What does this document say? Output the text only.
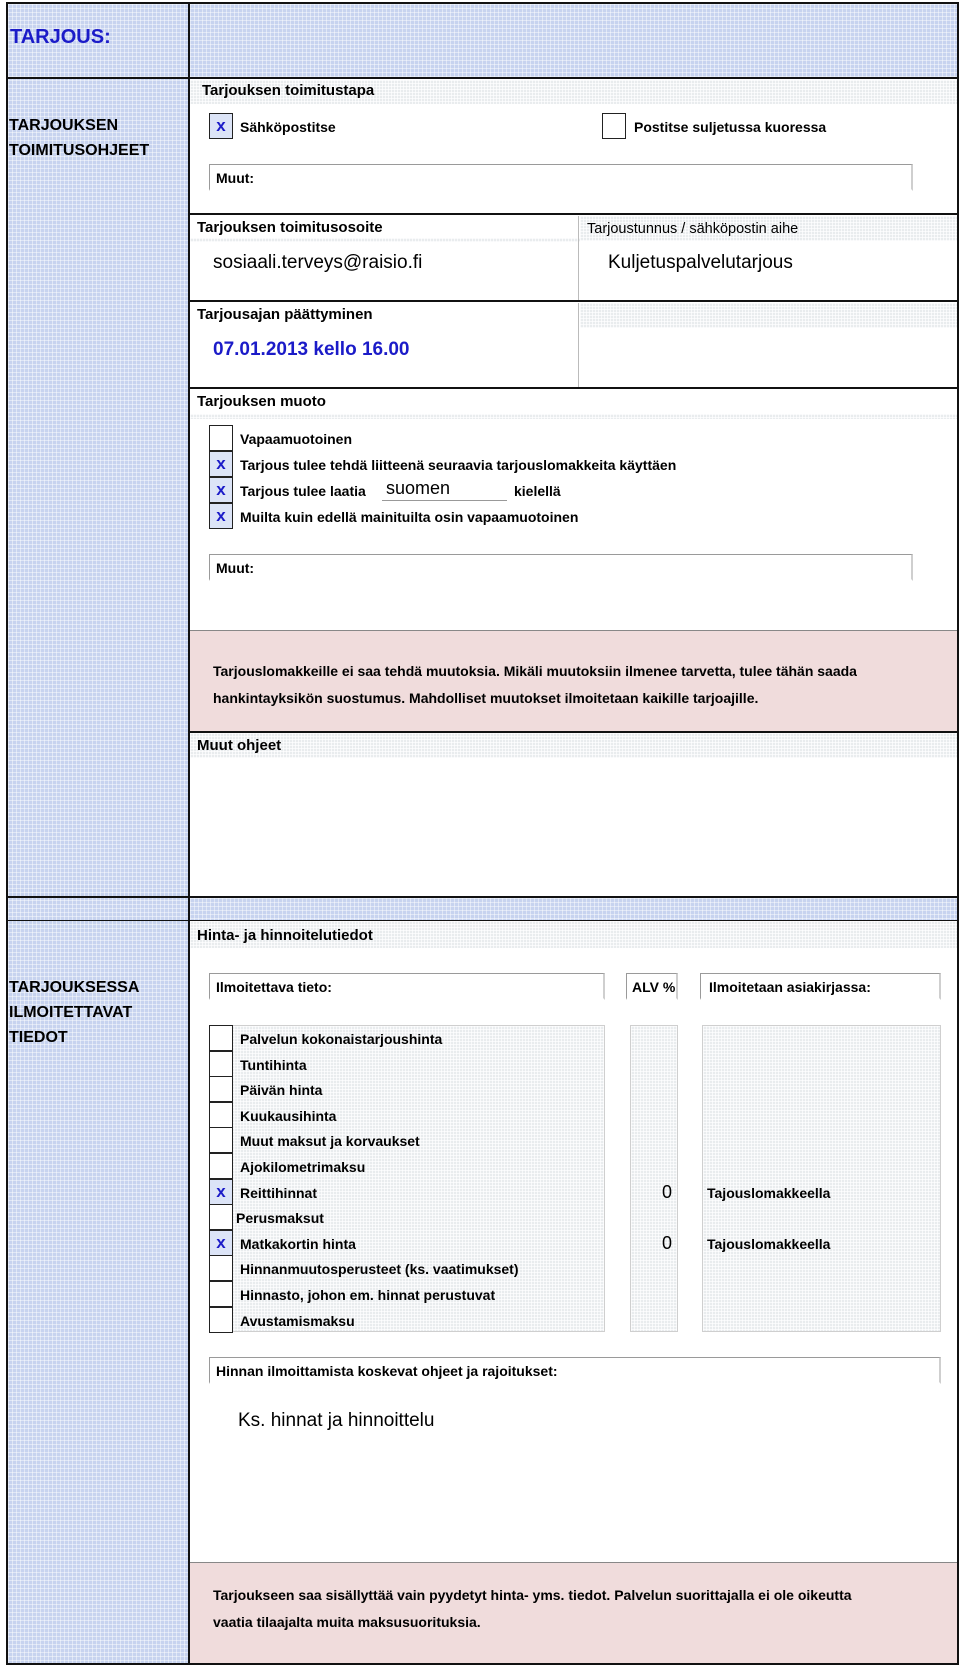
TARJOUS:
TARJOUKSEN
TOIMITUSOHJEET
Tarjouksen toimitustapa
x	Sähköpostitse	Postitse suljetussa kuoressa
Muut:
Tarjouksen toimitusosoite	Tarjoustunnus / sähköpostin aihe
sosiaali.terveys@raisio.fi	Kuljetuspalvelutarjous
Tarjousajan päättyminen
07.01.2013 kello 16.00
Tarjouksen muoto
Vapaamuotoinen
x	Tarjous tulee tehdä liitteenä seuraavia tarjouslomakkeita käyttäen
x	Tarjous tulee laatia suomen	kielellä
x	Muilta kuin edellä mainituilta osin vapaamuotoinen
Muut:
Tarjouslomakkeille ei saa tehdä muutoksia. Mikäli muutoksiin ilmenee tarvetta, tulee tähän saada
hankintayksikön suostumus. Mahdolliset muutokset ilmoitetaan kaikille tarjoajille.
Muut ohjeet
Hinta- ja hinnoitelutiedot
TARJOUKSESSA
ILMOITETTAVAT
TIEDOT
Ilmoitettava tieto:	ALV % Ilmoitetaan asiakirjassa:
Palvelun kokonaistarjoushinta
Tuntihinta
Päivän hinta
Kuukausihinta
Muut maksut ja korvaukset
Ajokilometrimaksu
x	Reittihinnat	0 Tajouslomakkeella
Perusmaksut
x	Matkakortin hinta	0 Tajouslomakkeella
Hinnanmuutosperusteet (ks. vaatimukset)
Hinnasto, johon em. hinnat perustuvat
Avustamismaksu
Hinnan ilmoittamista koskevat ohjeet ja rajoitukset:
Ks. hinnat ja hinnoittelu
Tarjoukseen saa sisällyttää vain pyydetyt hinta- yms. tiedot. Palvelun suorittajalla ei ole oikeutta
vaatia tilaajalta muita maksusuorituksia.
